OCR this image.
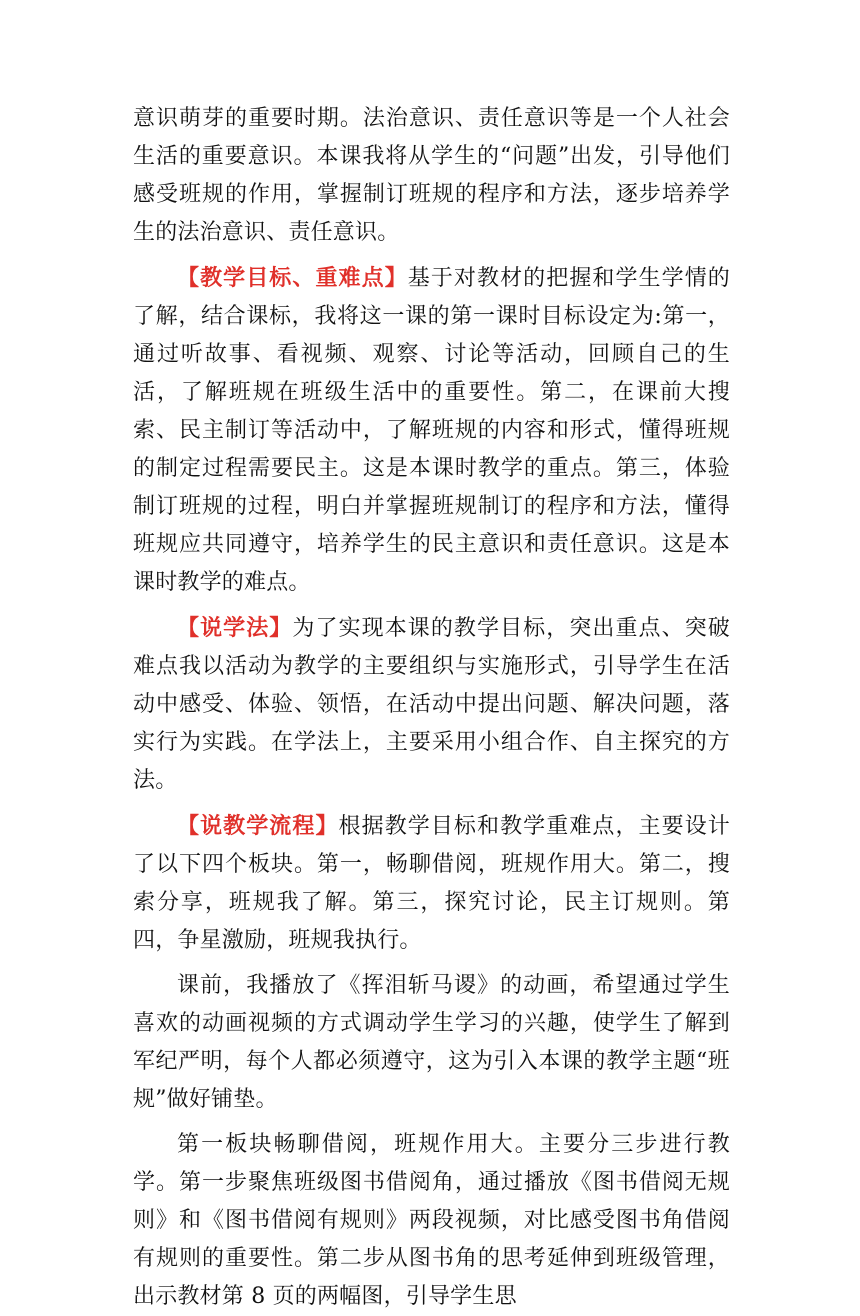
意识萌芽的重要时期。法治意识、责任意识等是一个人社会生活的重要意识。本课我将从学生的“问题”出发，引导他们感受班规的作用，掌握制订班规的程序和方法，逐步培养学生的法治意识、责任意识。

【教学目标、重难点】基于对教材的把握和学生学情的了解，结合课标，我将这一课的第一课时目标设定为:第一，通过听故事、看视频、观察、讨论等活动，回顾自己的生活，了解班规在班级生活中的重要性。第二，在课前大搜索、民主制订等活动中，了解班规的内容和形式，懂得班规的制定过程需要民主。这是本课时教学的重点。第三，体验制订班规的过程，明白并掌握班规制订的程序和方法，懂得班规应共同遵守，培养学生的民主意识和责任意识。这是本课时教学的难点。

【说学法】为了实现本课的教学目标，突出重点、突破难点我以活动为教学的主要组织与实施形式，引导学生在活动中感受、体验、领悟，在活动中提出问题、解决问题，落实行为实践。在学法上，主要采用小组合作、自主探究的方法。

【说教学流程】根据教学目标和教学重难点，主要设计了以下四个板块。第一，畅聊借阅，班规作用大。第二，搜索分享，班规我了解。第三，探究讨论，民主订规则。第四，争星激励，班规我执行。

课前，我播放了《挥泪斩马谡》的动画，希望通过学生喜欢的动画视频的方式调动学生学习的兴趣，使学生了解到军纪严明，每个人都必须遵守，这为引入本课的教学主题“班规”做好铺垫。

第一板块畅聊借阅，班规作用大。主要分三步进行教学。第一步聚焦班级图书借阅角，通过播放《图书借阅无规则》和《图书借阅有规则》两段视频，对比感受图书角借阅有规则的重要性。第二步从图书角的思考延伸到班级管理，出示教材第 8 页的两幅图，引导学生思
